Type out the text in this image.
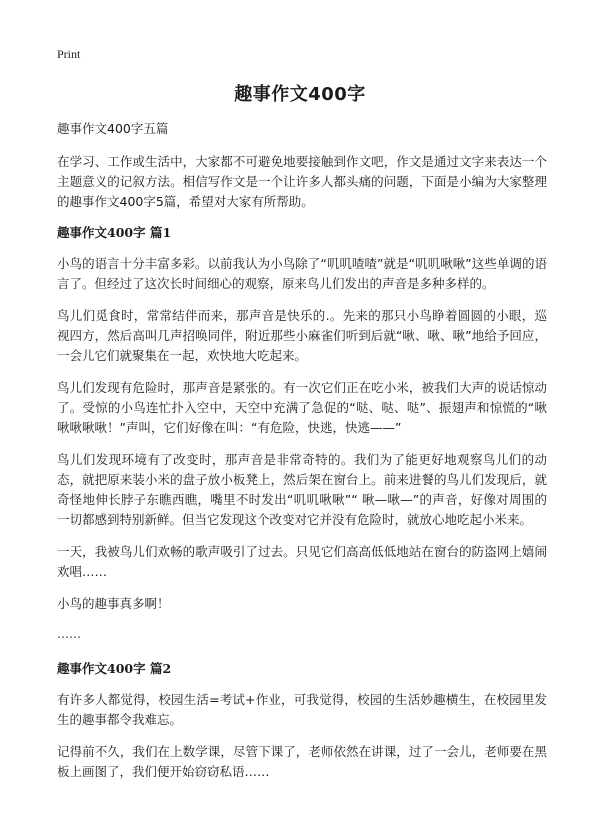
Print
趣事作文400字
趣事作文400字五篇

在学习、工作或生活中，大家都不可避免地要接触到作文吧，作文是通过文字来表达一个主题意义的记叙方法。相信写作文是一个让许多人都头痛的问题，下面是小编为大家整理的趣事作文400字5篇，希望对大家有所帮助。

趣事作文400字 篇1

小鸟的语言十分丰富多彩。以前我认为小鸟除了“叽叽喳喳”就是“叽叽啾啾”这些单调的语言了。但经过了这次长时间细心的观察，原来鸟儿们发出的声音是多种多样的。

鸟儿们觅食时，常常结伴而来，那声音是快乐的.。先来的那只小鸟睁着圆圆的小眼，巡视四方，然后高叫几声招唤同伴，附近那些小麻雀们听到后就“啾、啾、啾”地给予回应，一会儿它们就聚集在一起，欢快地大吃起来。

鸟儿们发现有危险时，那声音是紧张的。有一次它们正在吃小米，被我们大声的说话惊动了。受惊的小鸟连忙扑入空中，天空中充满了急促的“哒、哒、哒”、振翅声和惊慌的“啾啾啾啾啾！”声叫，它们好像在叫：“有危险，快逃，快逃——”

鸟儿们发现环境有了改变时，那声音是非常奇特的。我们为了能更好地观察鸟儿们的动态，就把原来装小米的盘子放小板凳上，然后架在窗台上。前来进餐的鸟儿们发现后，就奇怪地伸长脖子东瞧西瞧，嘴里不时发出“叽叽啾啾”“ 啾—啾—”的声音，好像对周围的一切都感到特别新鲜。但当它发现这个改变对它并没有危险时，就放心地吃起小米来。

一天，我被鸟儿们欢畅的歌声吸引了过去。只见它们高高低低地站在窗台的防盗网上嬉闹欢唱……

小鸟的趣事真多啊！

……
趣事作文400字 篇2

有许多人都觉得，校园生活=考试+作业，可我觉得，校园的生活妙趣横生，在校园里发生的趣事都令我难忘。

记得前不久，我们在上数学课，尽管下课了，老师依然在讲课，过了一会儿，老师要在黑板上画图了，我们便开始窃窃私语……
